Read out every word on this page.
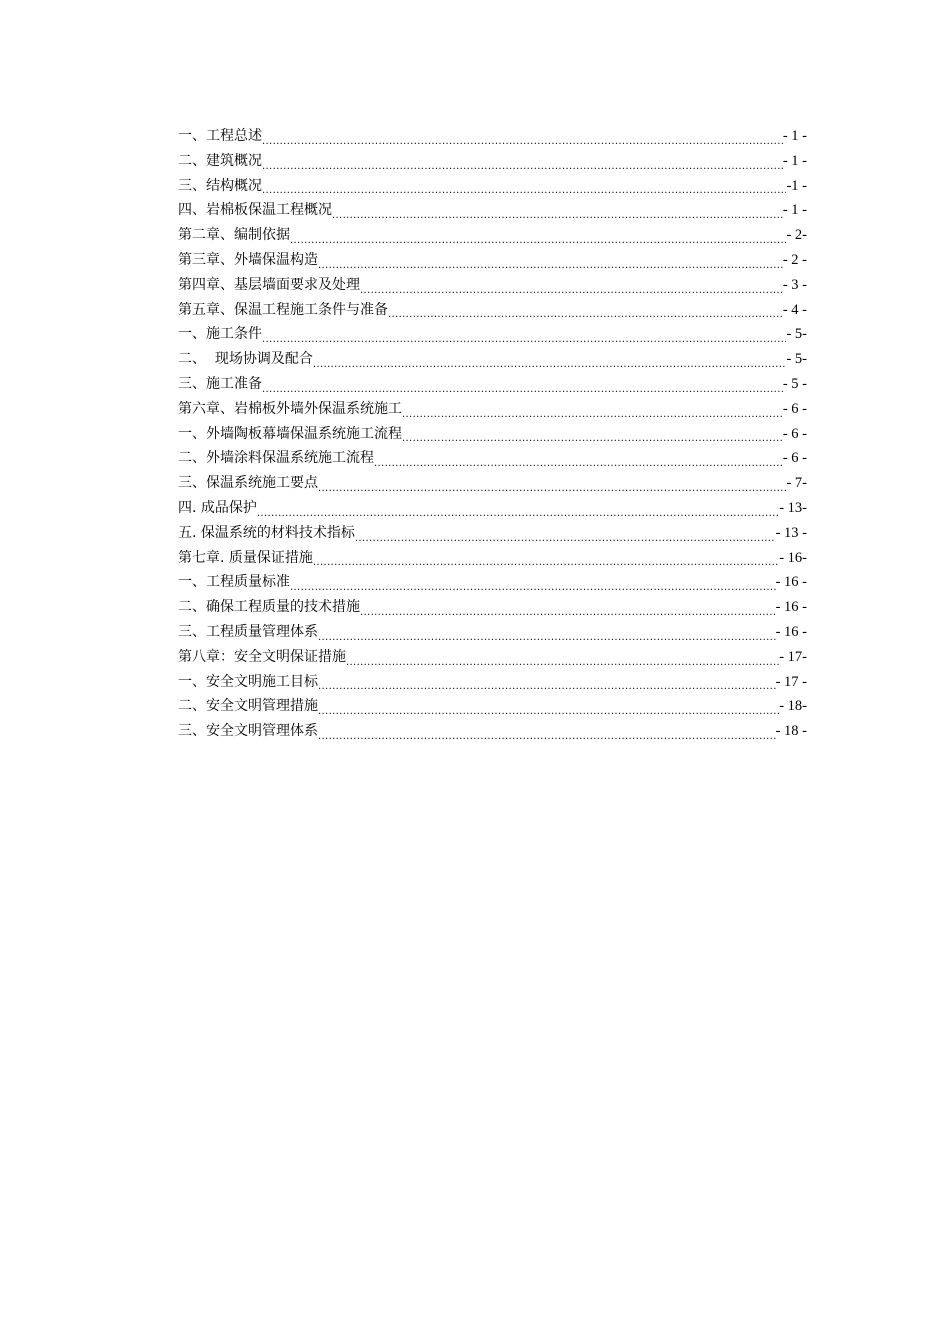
一、工程总述 .....	- 1 -
二、建筑概况 .....	- 1 -
三、结构概况 .....	-1 -
四、岩棉板保温工程概况 .....	- 1 -
第二章、编制依据 .....	- 2-
第三章、外墙保温构造 .....	- 2 -
第四章、基层墙面要求及处理 .....	- 3 -
第五章、保温工程施工条件与准备 .....	- 4 -
一、施工条件 .....	- 5-
二、  现场协调及配合 .....	- 5-
三、施工准备 .....	- 5 -
第六章、岩棉板外墙外保温系统施工 .....	- 6 -
一、外墙陶板幕墙保温系统施工流程 .....	- 6 -
二、外墙涂料保温系统施工流程 .....	- 6 -
三、保温系统施工要点 .....	- 7-
四. 成品保护 .....	- 13-
五. 保温系统的材料技术指标 .....	- 13 -
第七章. 质量保证措施 .....	- 16-
一、工程质量标准 .....	- 16 -
二、确保工程质量的技术措施 .....	- 16 -
三、工程质量管理体系 .....	- 16 -
第八章：安全文明保证措施 .....	- 17-
一、安全文明施工目标 .....	- 17 -
二、安全文明管理措施 .....	- 18-
三、安全文明管理体系 .....	- 18 -
